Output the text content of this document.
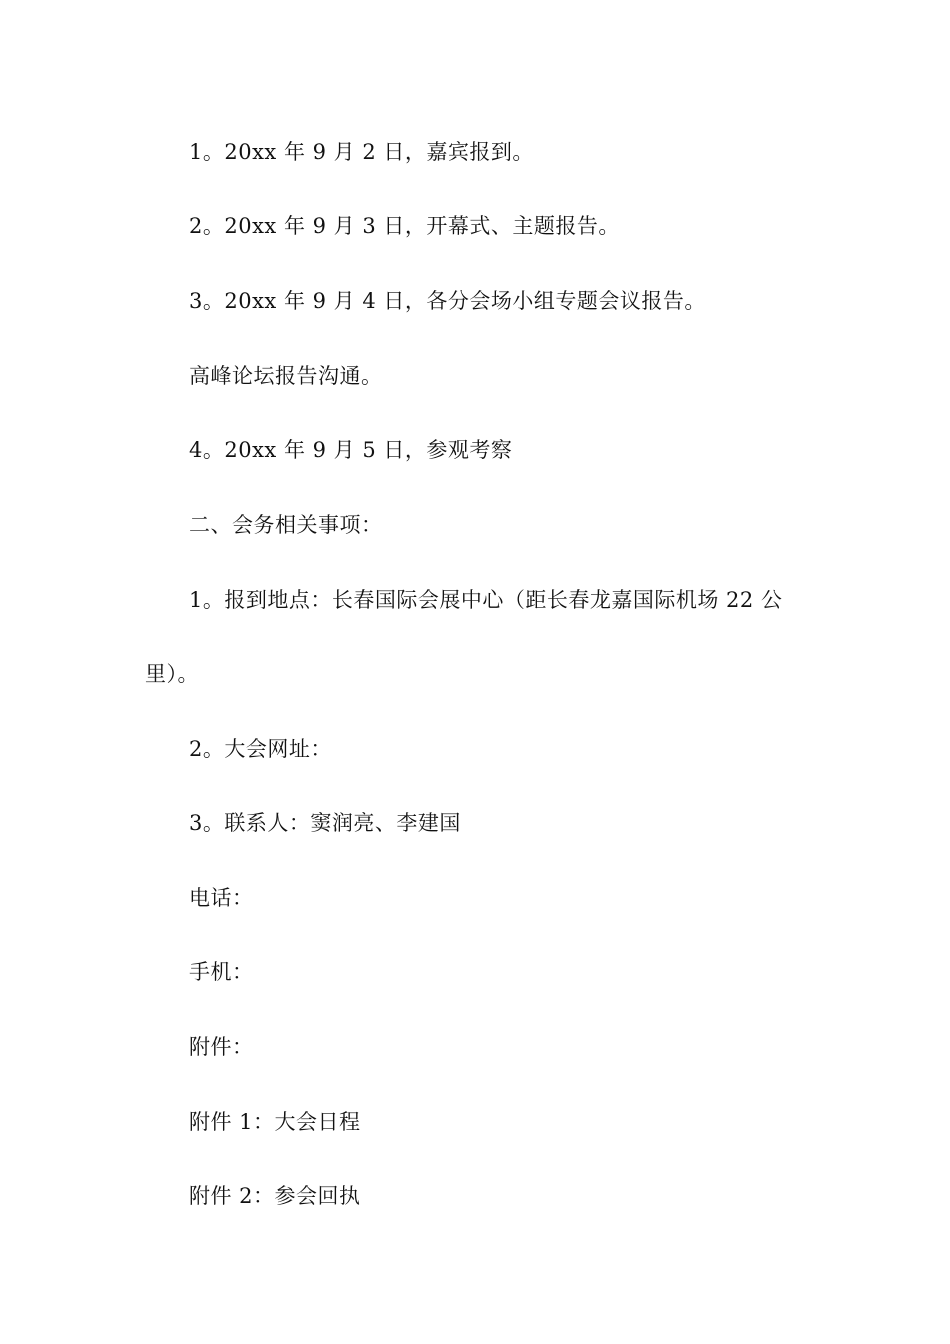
1。20xx 年 9 月 2 日，嘉宾报到。
2。20xx 年 9 月 3 日，开幕式、主题报告。
3。20xx 年 9 月 4 日，各分会场小组专题会议报告。
高峰论坛报告沟通。
4。20xx 年 9 月 5 日，参观考察
二、会务相关事项：
1。报到地点：长春国际会展中心（距长春龙嘉国际机场 22 公
里）。
2。大会网址：
3。联系人：窦润亮、李建国
电话：
手机：
附件：
附件 1：大会日程
附件 2：参会回执
